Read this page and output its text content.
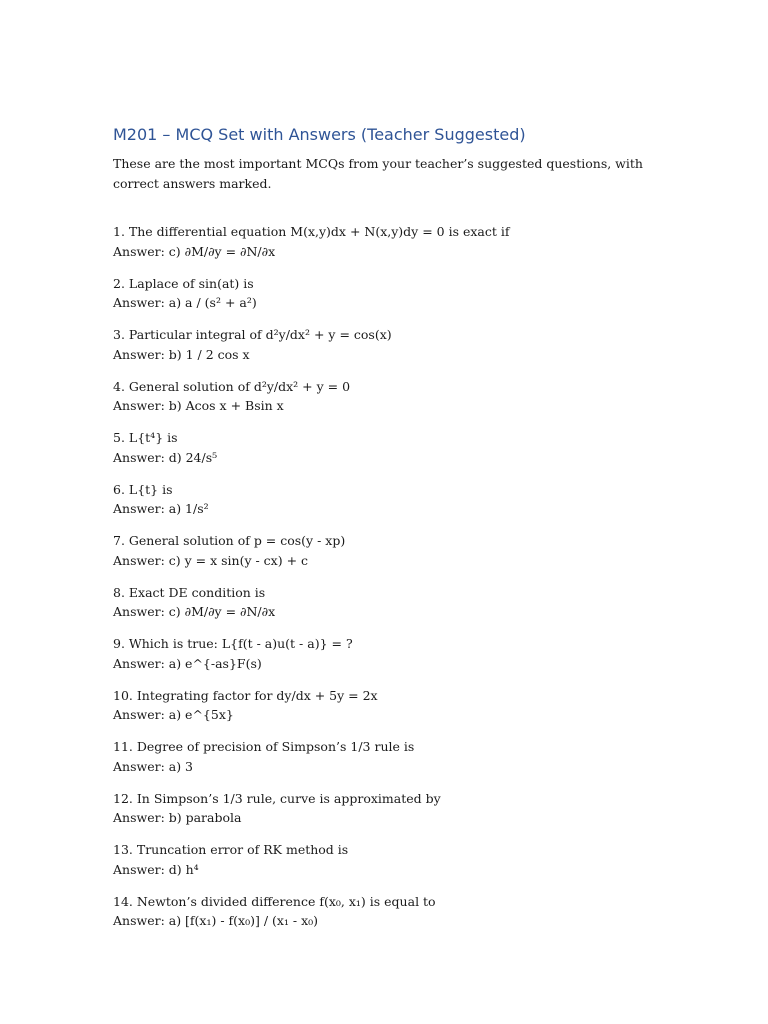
M201 – MCQ Set with Answers (Teacher Suggested)

These are the most important MCQs from your teacher’s suggested questions, with correct answers marked.

1. The differential equation M(x,y)dx + N(x,y)dy = 0 is exact if
Answer: c) ∂M/∂y = ∂N/∂x
2. Laplace of sin(at) is
Answer: a) a / (s² + a²)
3. Particular integral of d²y/dx² + y = cos(x)
Answer: b) 1 / 2 cos x
4. General solution of d²y/dx² + y = 0
Answer: b) Acos x + Bsin x
5. L{t⁴} is
Answer: d) 24/s⁵
6. L{t} is
Answer: a) 1/s²
7. General solution of p = cos(y - xp)
Answer: c) y = x sin(y - cx) + c
8. Exact DE condition is
Answer: c) ∂M/∂y = ∂N/∂x
9. Which is true: L{f(t - a)u(t - a)} = ?
Answer: a) e^{-as}F(s)
10. Integrating factor for dy/dx + 5y = 2x
Answer: a) e^{5x}
11. Degree of precision of Simpson’s 1/3 rule is
Answer: a) 3
12. In Simpson’s 1/3 rule, curve is approximated by
Answer: b) parabola
13. Truncation error of RK method is
Answer: d) h⁴
14. Newton’s divided difference f(x₀, x₁) is equal to
Answer: a) [f(x₁) - f(x₀)] / (x₁ - x₀)
